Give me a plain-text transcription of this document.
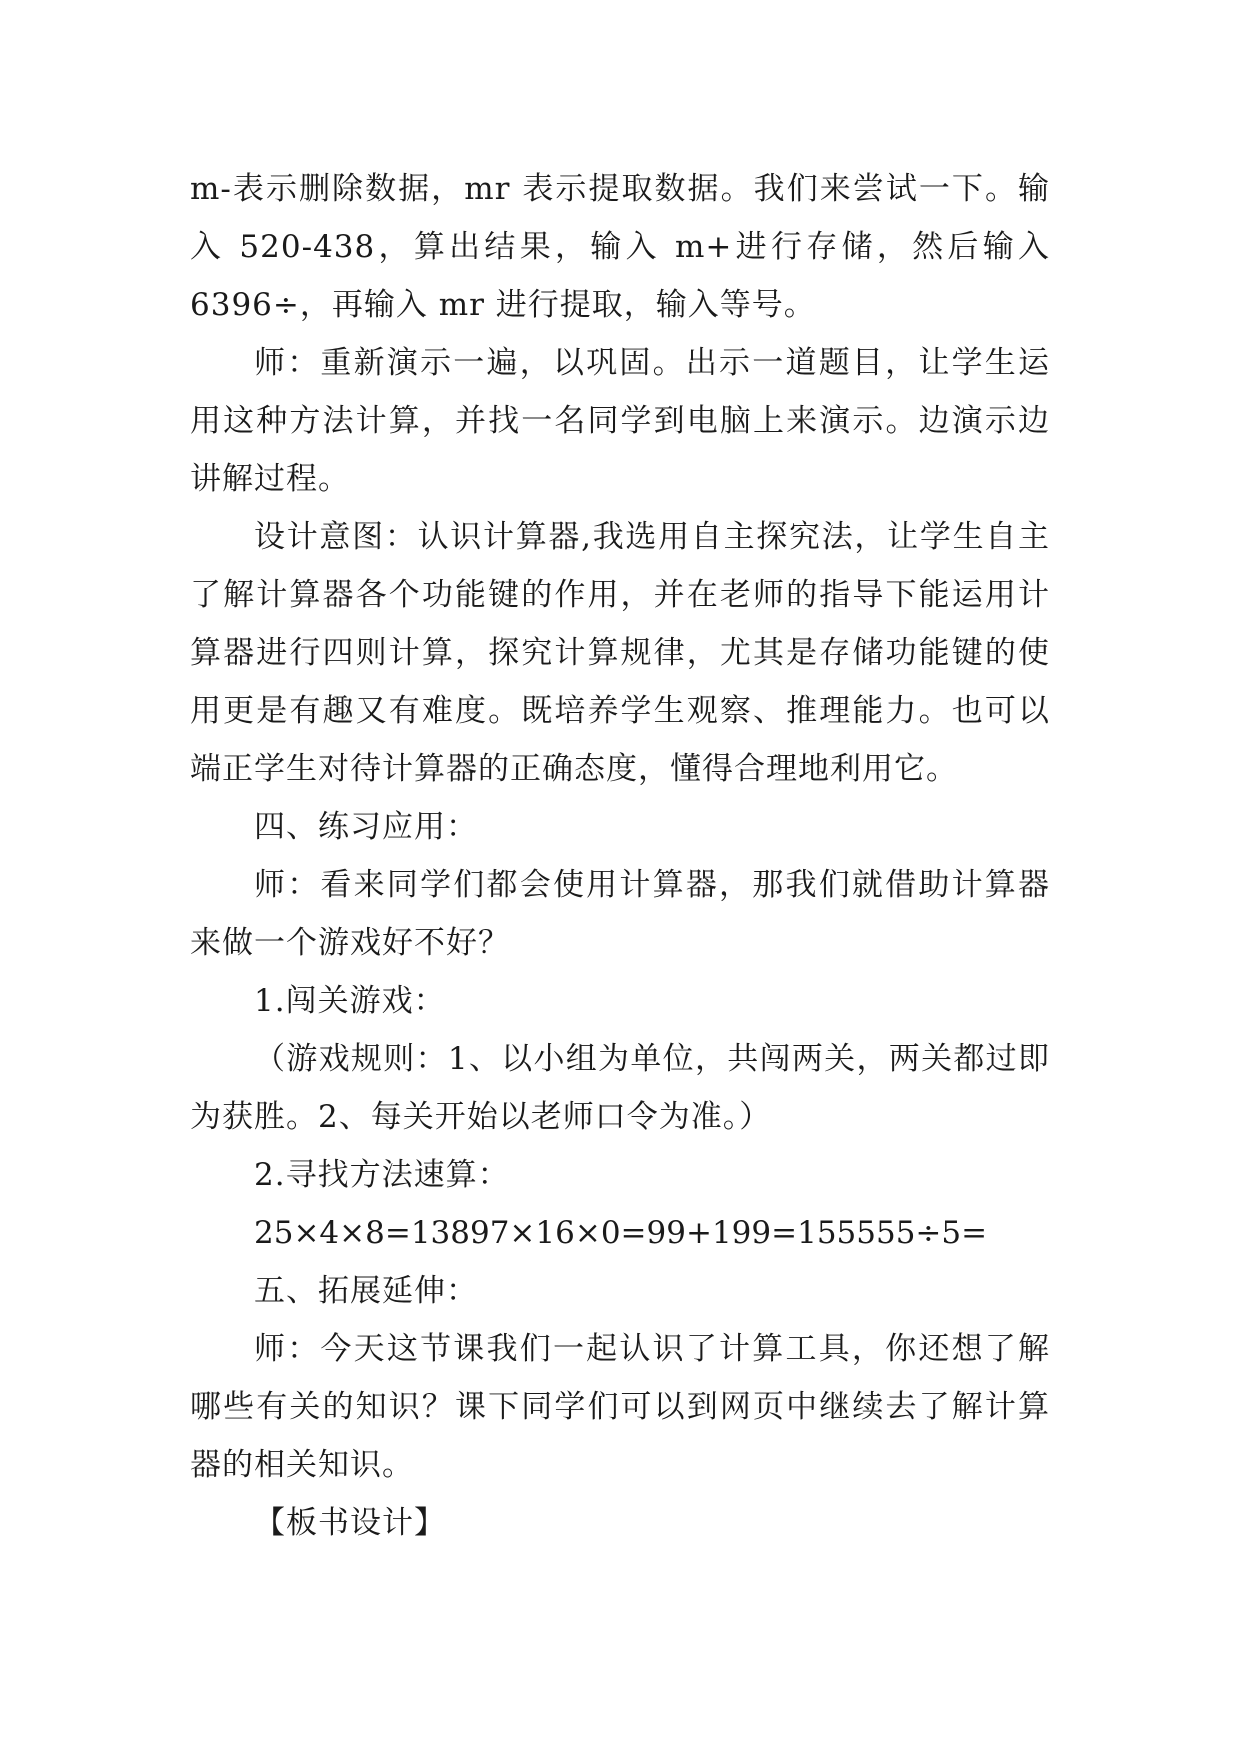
m-表示删除数据，mr 表示提取数据。我们来尝试一下。输入 520-438，算出结果，输入 m+进行存储，然后输入 6396÷，再输入 mr 进行提取，输入等号。

师：重新演示一遍，以巩固。出示一道题目，让学生运用这种方法计算，并找一名同学到电脑上来演示。边演示边讲解过程。

设计意图：认识计算器,我选用自主探究法，让学生自主了解计算器各个功能键的作用，并在老师的指导下能运用计算器进行四则计算，探究计算规律，尤其是存储功能键的使用更是有趣又有难度。既培养学生观察、推理能力。也可以端正学生对待计算器的正确态度，懂得合理地利用它。

四、练习应用：

师：看来同学们都会使用计算器，那我们就借助计算器来做一个游戏好不好？

1.闯关游戏：

（游戏规则：1、以小组为单位，共闯两关，两关都过即为获胜。2、每关开始以老师口令为准。）

2.寻找方法速算：

25×4×8=13897×16×0=99+199=155555÷5=

五、拓展延伸：

师：今天这节课我们一起认识了计算工具，你还想了解哪些有关的知识？课下同学们可以到网页中继续去了解计算器的相关知识。

【板书设计】
